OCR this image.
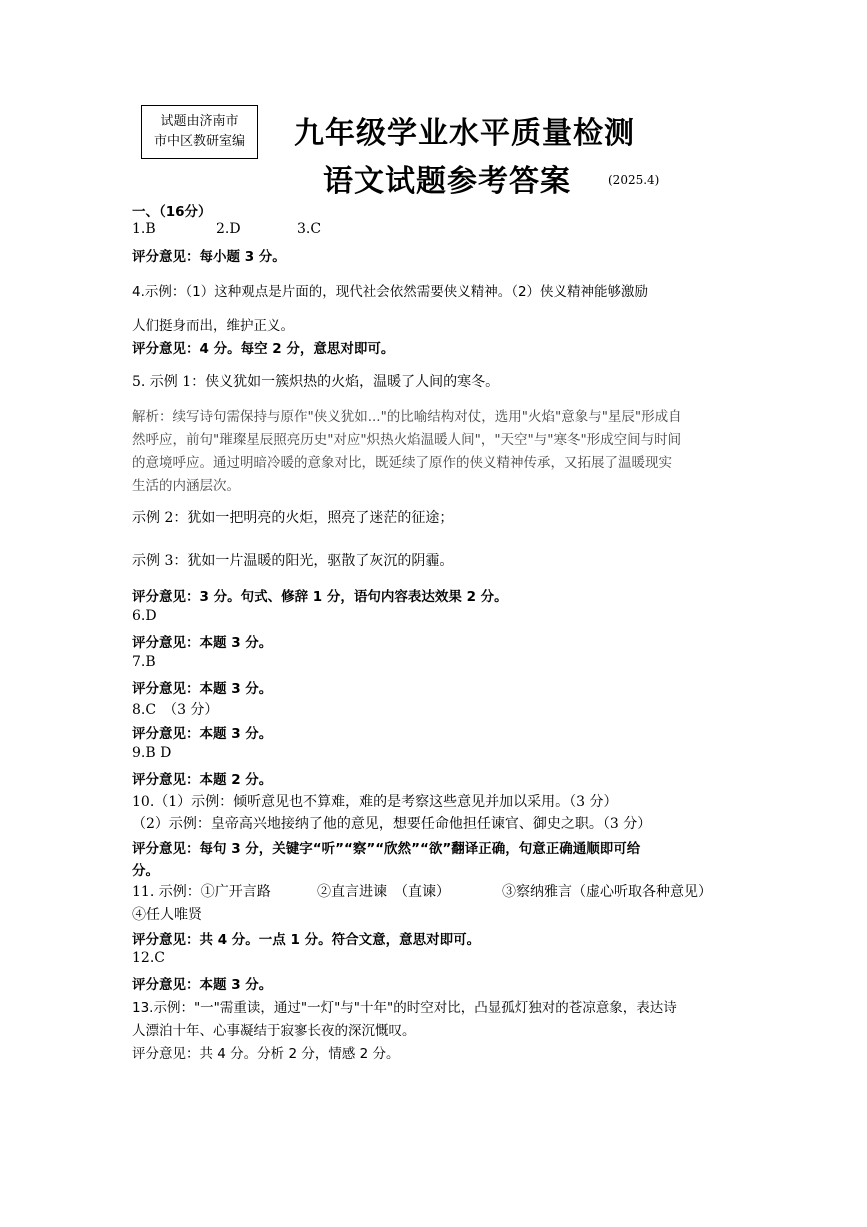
试题由济南市
市中区教研室编	九年级学业水平质量检测
语文试题参考答案	(2025.4)
一、（16分）
1.B	2.D	3.C
评分意见：每小题 3 分。
4.示例：（1）这种观点是片面的，现代社会依然需要侠义精神。（2）侠义精神能够激励
人们挺身而出，维护正义。
评分意见：4 分。每空 2 分，意思对即可。
5. 示例 1：侠义犹如一簇炽热的火焰，温暖了人间的寒冬。
解析：续写诗句需保持与原作"侠义犹如..."的比喻结构对仗，选用"火焰"意象与"星辰"形成自
然呼应，前句"璀璨星辰照亮历史"对应"炽热火焰温暖人间"，"天空"与"寒冬"形成空间与时间
的意境呼应。通过明暗冷暖的意象对比，既延续了原作的侠义精神传承，又拓展了温暖现实
生活的内涵层次。
示例 2：犹如一把明亮的火炬，照亮了迷茫的征途；
示例 3：犹如一片温暖的阳光，驱散了灰沉的阴霾。
评分意见：3 分。句式、修辞 1 分，语句内容表达效果 2 分。
6.D
评分意见：本题 3 分。
7.B
评分意见：本题 3 分。
8.C　（3 分）
评分意见：本题 3 分。
9.B D
评分意见：本题 2 分。
10.（1）示例：倾听意见也不算难，难的是考察这些意见并加以采用。（3 分）
（2）示例：皇帝高兴地接纳了他的意见，想要任命他担任谏官、御史之职。（3 分）
评分意见：每句 3 分，关键字“听”“察”“欣然”“欲”翻译正确，句意正确通顺即可给
分。
11. 示例：①广开言路	②直言进谏　（直谏）	③察纳雅言（虚心听取各种意见）
④任人唯贤
评分意见：共 4 分。一点 1 分。符合文意，意思对即可。
12.C
评分意见：本题 3 分。
13.示例："一"需重读，通过"一灯"与"十年"的时空对比，凸显孤灯独对的苍凉意象，表达诗
人漂泊十年、心事凝结于寂寥长夜的深沉慨叹。
评分意见：共 4 分。分析 2 分，情感 2 分。
